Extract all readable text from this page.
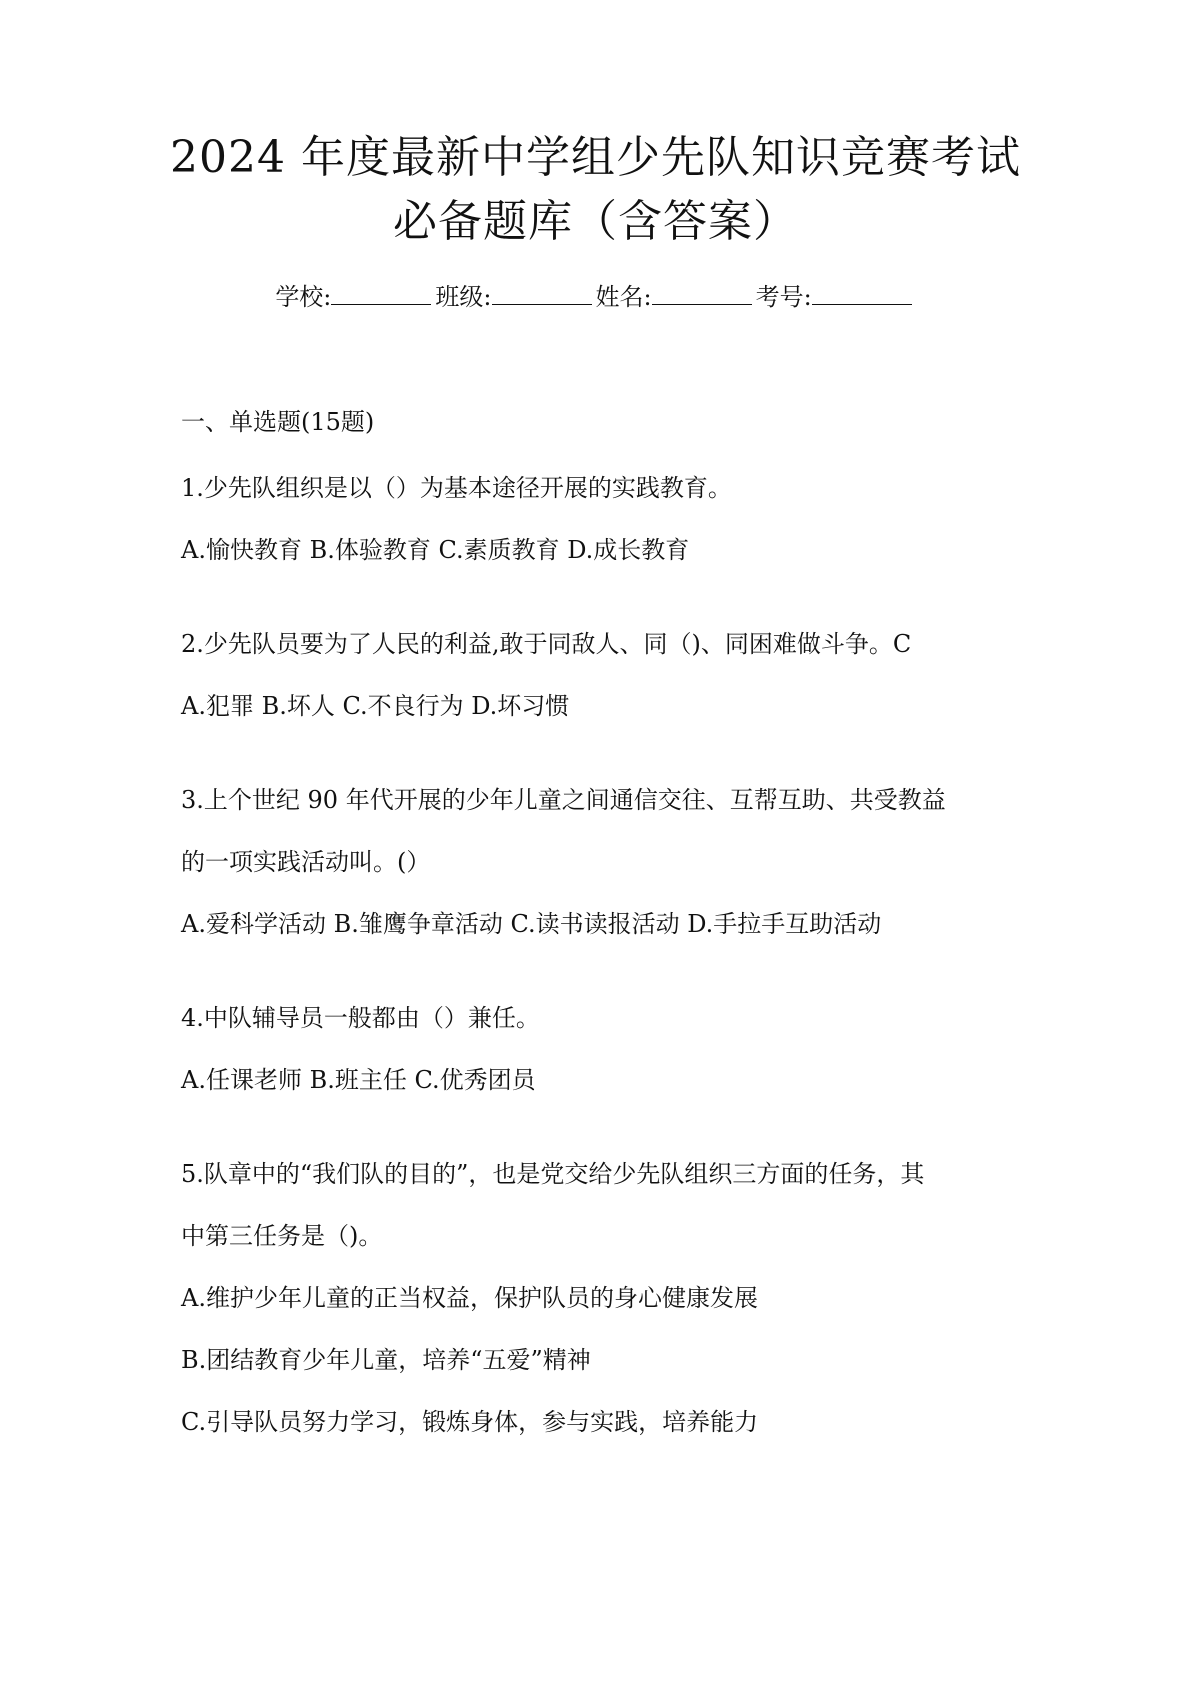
2024 年度最新中学组少先队知识竞赛考试
必备题库（含答案）
学校:	班级:	姓名:	考号:
一、单选题(15题)
1.少先队组织是以（）为基本途径开展的实践教育。
A.愉快教育 B.体验教育 C.素质教育 D.成长教育
2.少先队员要为了人民的利益,敢于同敌人、同（)、同困难做斗争。C
A.犯罪 B.坏人 C.不良行为 D.坏习惯
3.上个世纪 90 年代开展的少年儿童之间通信交往、互帮互助、共受教益
的一项实践活动叫。(）
A.爱科学活动 B.雏鹰争章活动 C.读书读报活动 D.手拉手互助活动
4.中队辅导员一般都由（）兼任。
A.任课老师 B.班主任 C.优秀团员
5.队章中的“我们队的目的”，也是党交给少先队组织三方面的任务，其
中第三任务是（)。
A.维护少年儿童的正当权益，保护队员的身心健康发展
B.团结教育少年儿童，培养“五爱”精神
C.引导队员努力学习，锻炼身体，参与实践，培养能力
